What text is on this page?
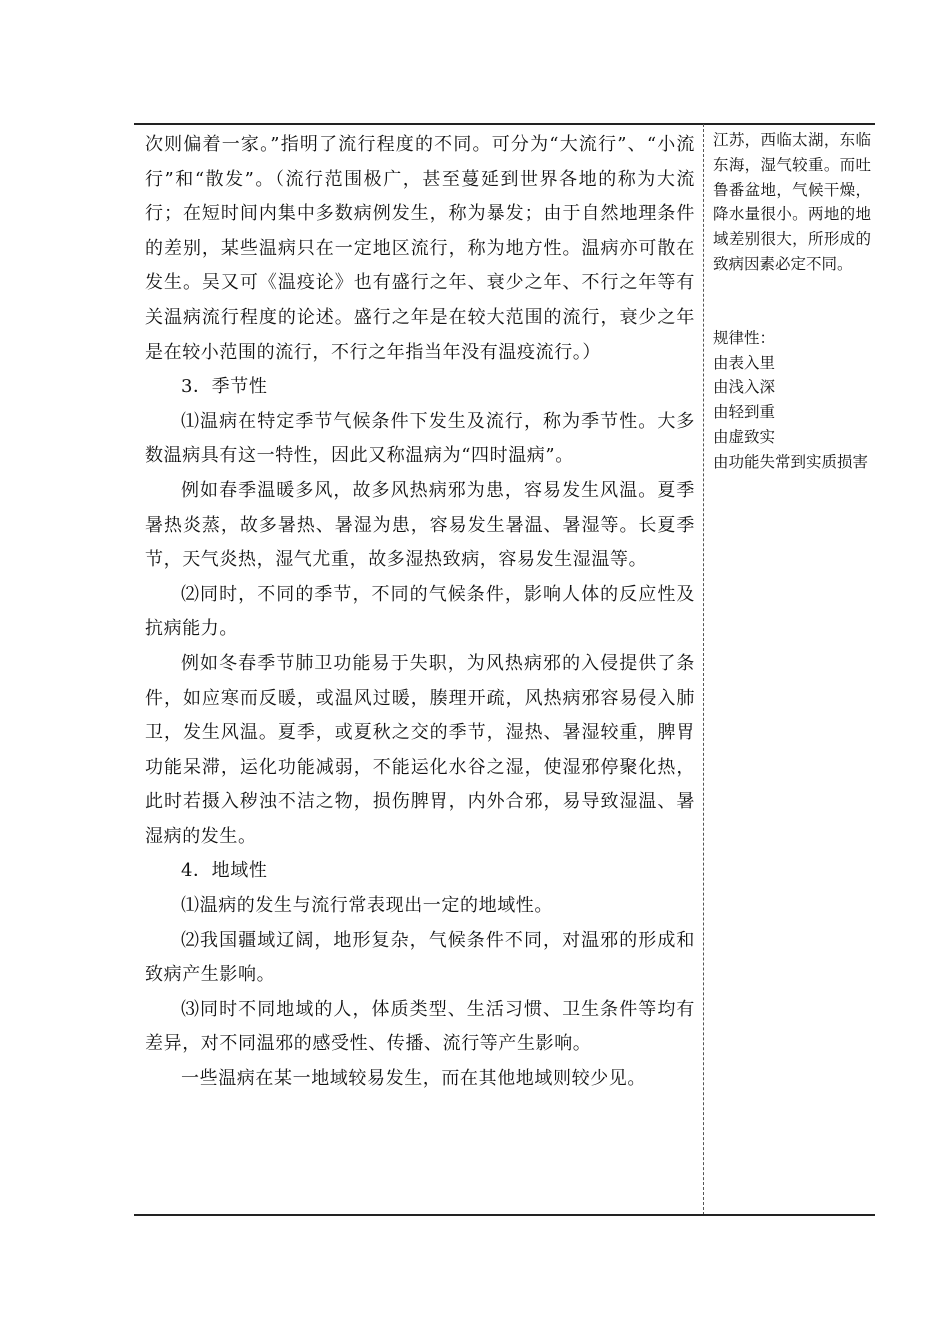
次则偏着一家。”指明了流行程度的不同。可分为“大流行”、“小流行”和“散发”。（流行范围极广，甚至蔓延到世界各地的称为大流行；在短时间内集中多数病例发生，称为暴发；由于自然地理条件的差别，某些温病只在一定地区流行，称为地方性。温病亦可散在发生。吴又可《温疫论》也有盛行之年、衰少之年、不行之年等有关温病流行程度的论述。盛行之年是在较大范围的流行，衰少之年是在较小范围的流行，不行之年指当年没有温疫流行。）

3．季节性

⑴温病在特定季节气候条件下发生及流行，称为季节性。大多数温病具有这一特性，因此又称温病为“四时温病”。

例如春季温暖多风，故多风热病邪为患，容易发生风温。夏季暑热炎蒸，故多暑热、暑湿为患，容易发生暑温、暑湿等。长夏季节，天气炎热，湿气尤重，故多湿热致病，容易发生湿温等。

⑵同时，不同的季节，不同的气候条件，影响人体的反应性及抗病能力。

例如冬春季节肺卫功能易于失职，为风热病邪的入侵提供了条件，如应寒而反暖，或温风过暖，腠理开疏，风热病邪容易侵入肺卫，发生风温。夏季，或夏秋之交的季节，湿热、暑湿较重，脾胃功能呆滞，运化功能减弱，不能运化水谷之湿，使湿邪停聚化热，此时若摄入秽浊不洁之物，损伤脾胃，内外合邪，易导致湿温、暑湿病的发生。

4．地域性

⑴温病的发生与流行常表现出一定的地域性。

⑵我国疆域辽阔，地形复杂，气候条件不同，对温邪的形成和致病产生影响。

⑶同时不同地域的人，体质类型、生活习惯、卫生条件等均有差异，对不同温邪的感受性、传播、流行等产生影响。

一些温病在某一地域较易发生，而在其他地域则较少见。

江苏，西临太湖，东临东海，湿气较重。而吐鲁番盆地，气候干燥，降水量很小。两地的地域差别很大，所形成的致病因素必定不同。

规律性：

由表入里

由浅入深

由轻到重

由虚致实

由功能失常到实质损害
